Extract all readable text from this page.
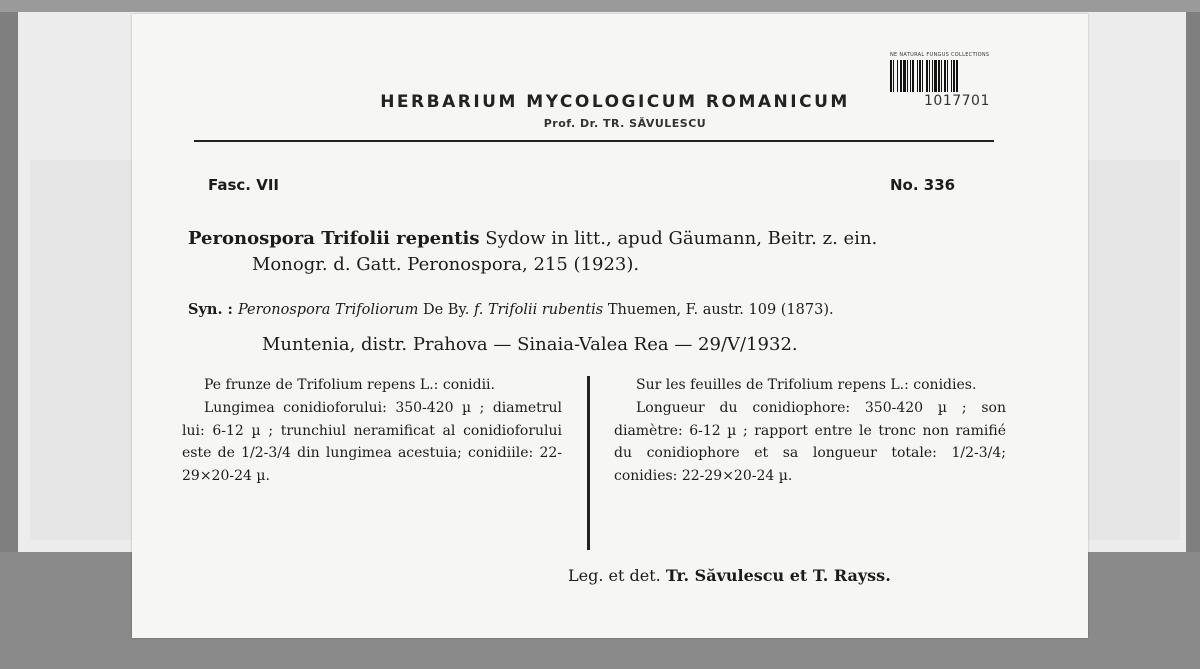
HERBARIUM MYCOLOGICUM ROMANICUM
Prof. Dr. TR. SĂVULESCU
NE NATURAL FUNGUS COLLECTIONS
1017701
Fasc. VII	No. 336
Peronospora Trifolii repentis Sydow in litt., apud Gäumann, Beitr. z. ein.
Monogr. d. Gatt. Peronospora, 215 (1923).
Syn. : Peronospora Trifoliorum De By. f. Trifolii rubentis Thuemen, F. austr. 109 (1873).
Muntenia, distr. Prahova — Sinaia-Valea Rea — 29/V/1932.

Pe frunze de Trifolium repens L.: conidii.

Lungimea conidioforului: 350-420 µ ; diametrul lui: 6-12 µ ; trunchiul neramificat al conidioforului este de 1/2-3/4 din lungimea acestuia; conidiile: 22-29×20-24 µ.

Sur les feuilles de Trifolium repens L.: conidies.

Longueur du conidiophore: 350-420 µ ; son diamètre: 6-12 µ ; rapport entre le tronc non ramifié du conidiophore et sa longueur totale: 1/2-3/4; conidies: 22-29×20-24 µ.

Leg. et det. Tr. Săvulescu et T. Rayss.
